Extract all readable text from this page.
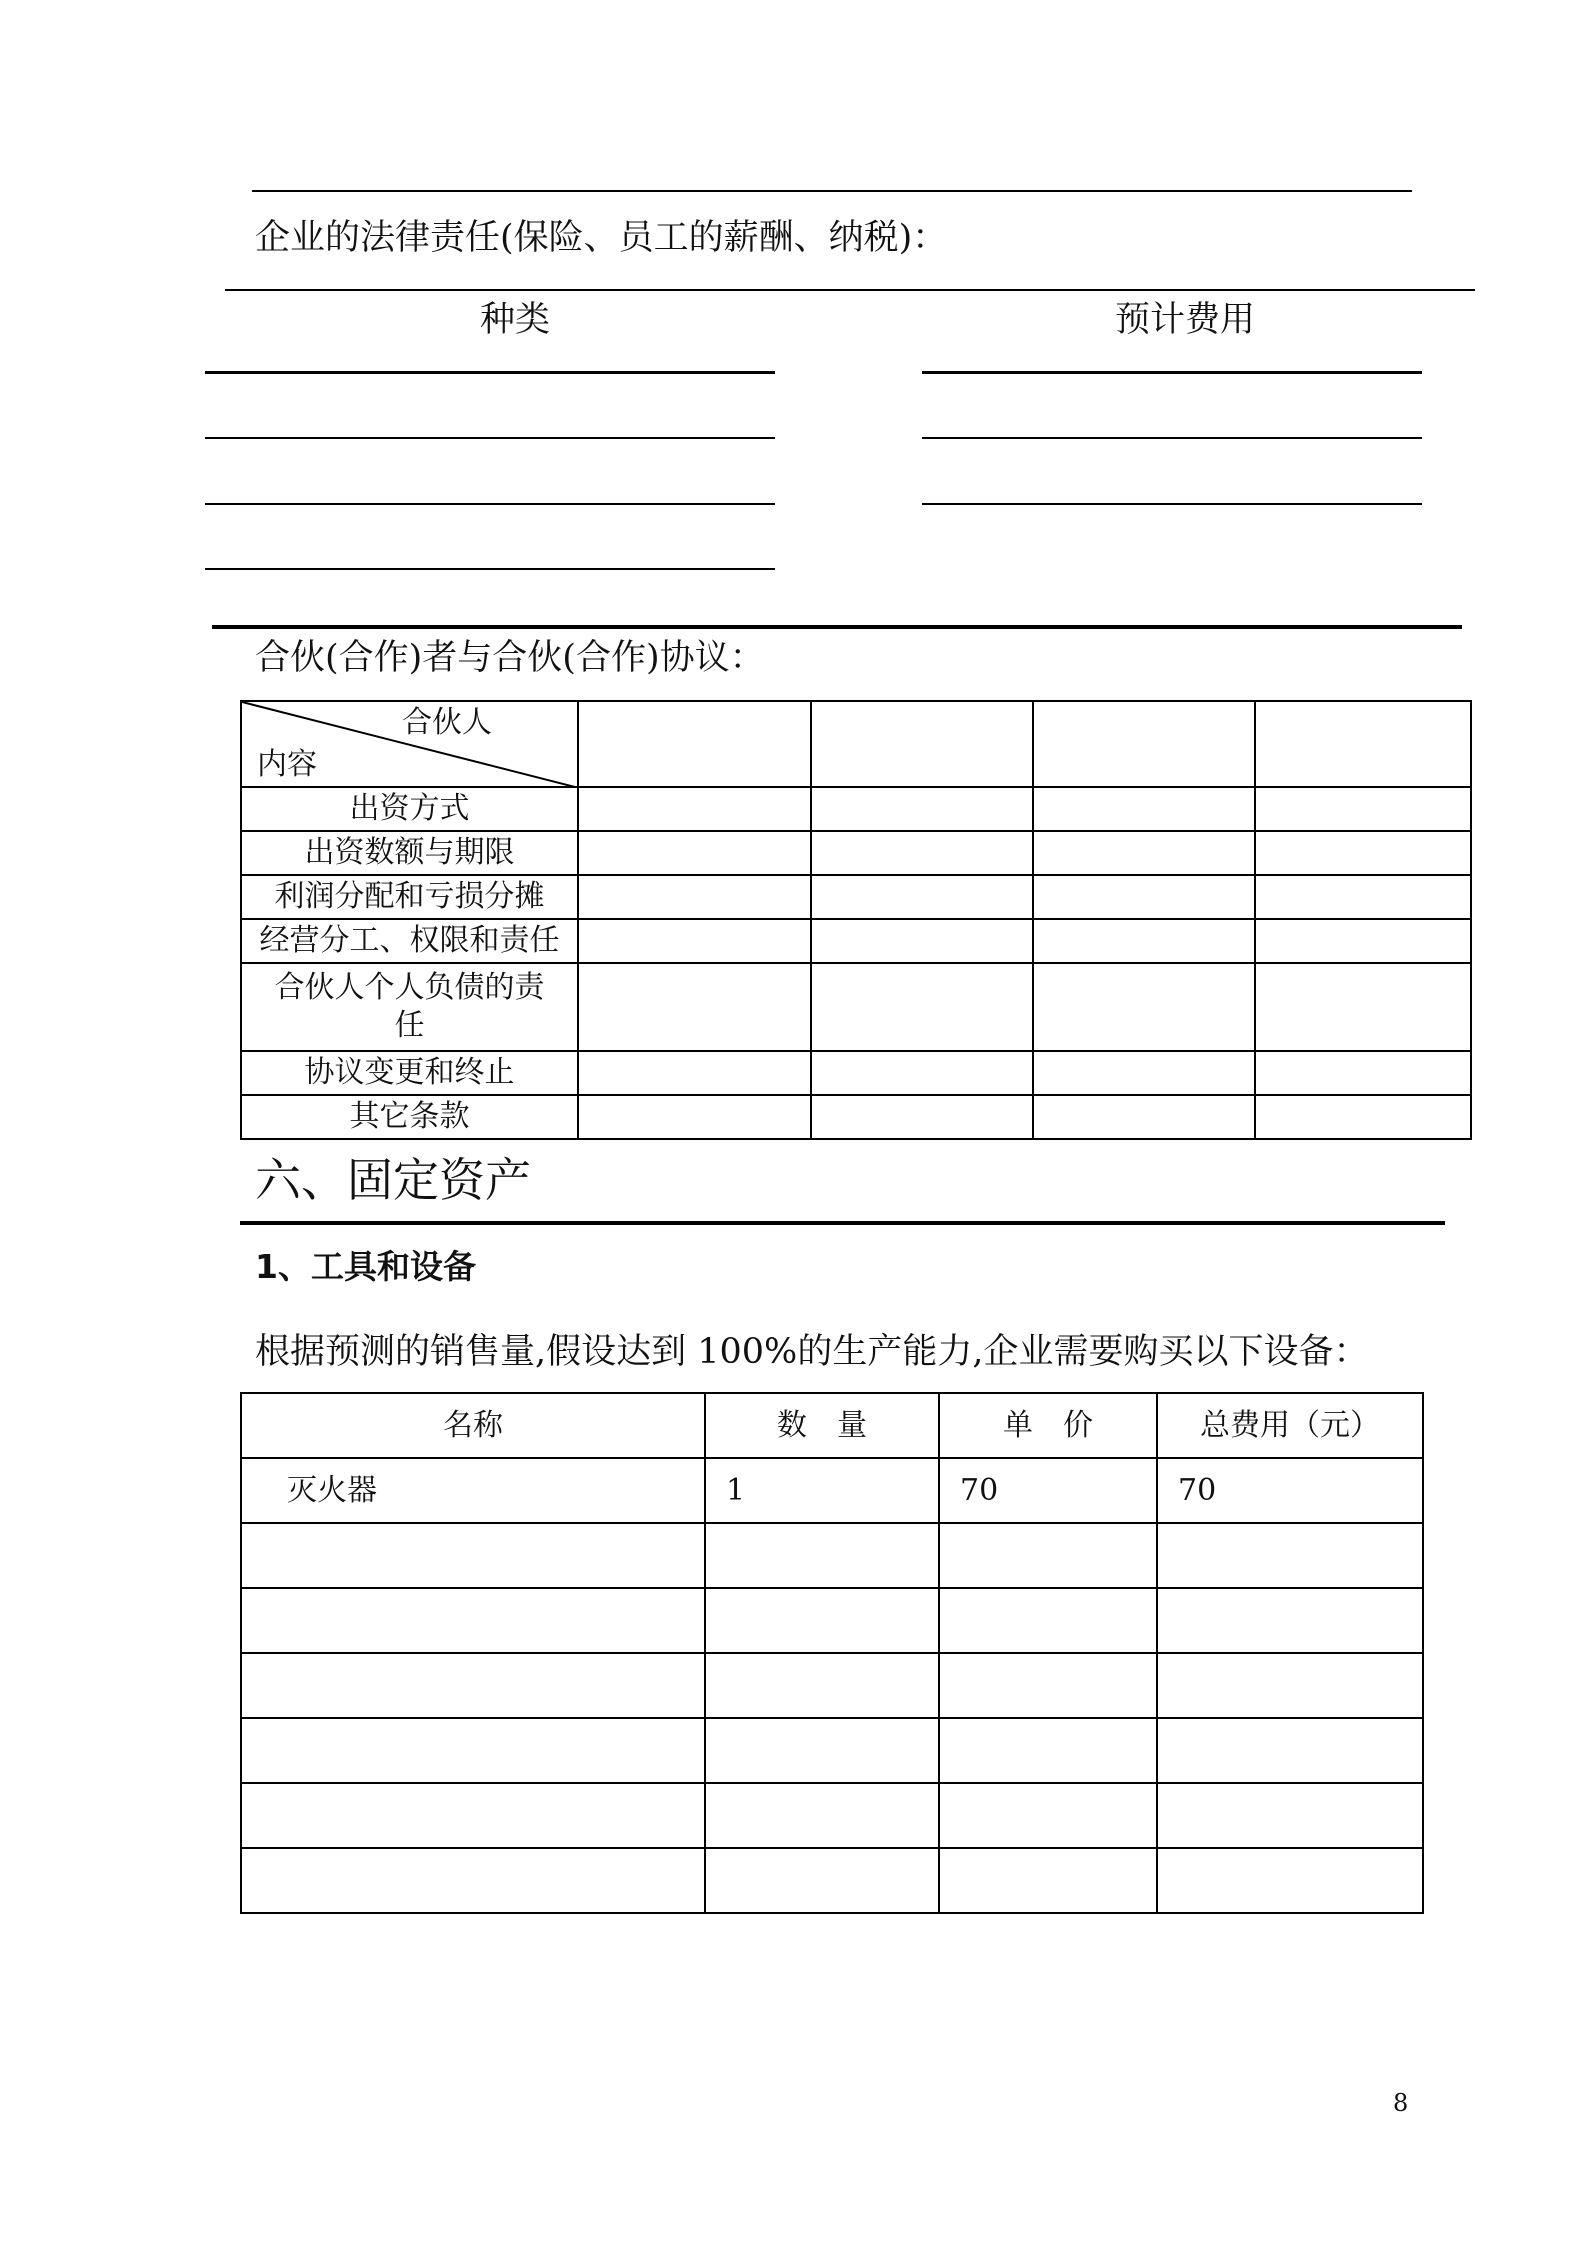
企业的法律责任(保险、员工的薪酬、纳税)：
种类	预计费用
合伙(合作)者与合伙(合作)协议：
合伙人
内容				

出资方式				
出资数额与期限				
利润分配和亏损分摊				
经营分工、权限和责任				
合伙人个人负债的责任				
协议变更和终止				
其它条款				
六、固定资产
1、工具和设备
根据预测的销售量,假设达到 100%的生产能力,企业需要购买以下设备：
名称	数　量	单　价	总费用（元）
灭火器	1	70	70

8
